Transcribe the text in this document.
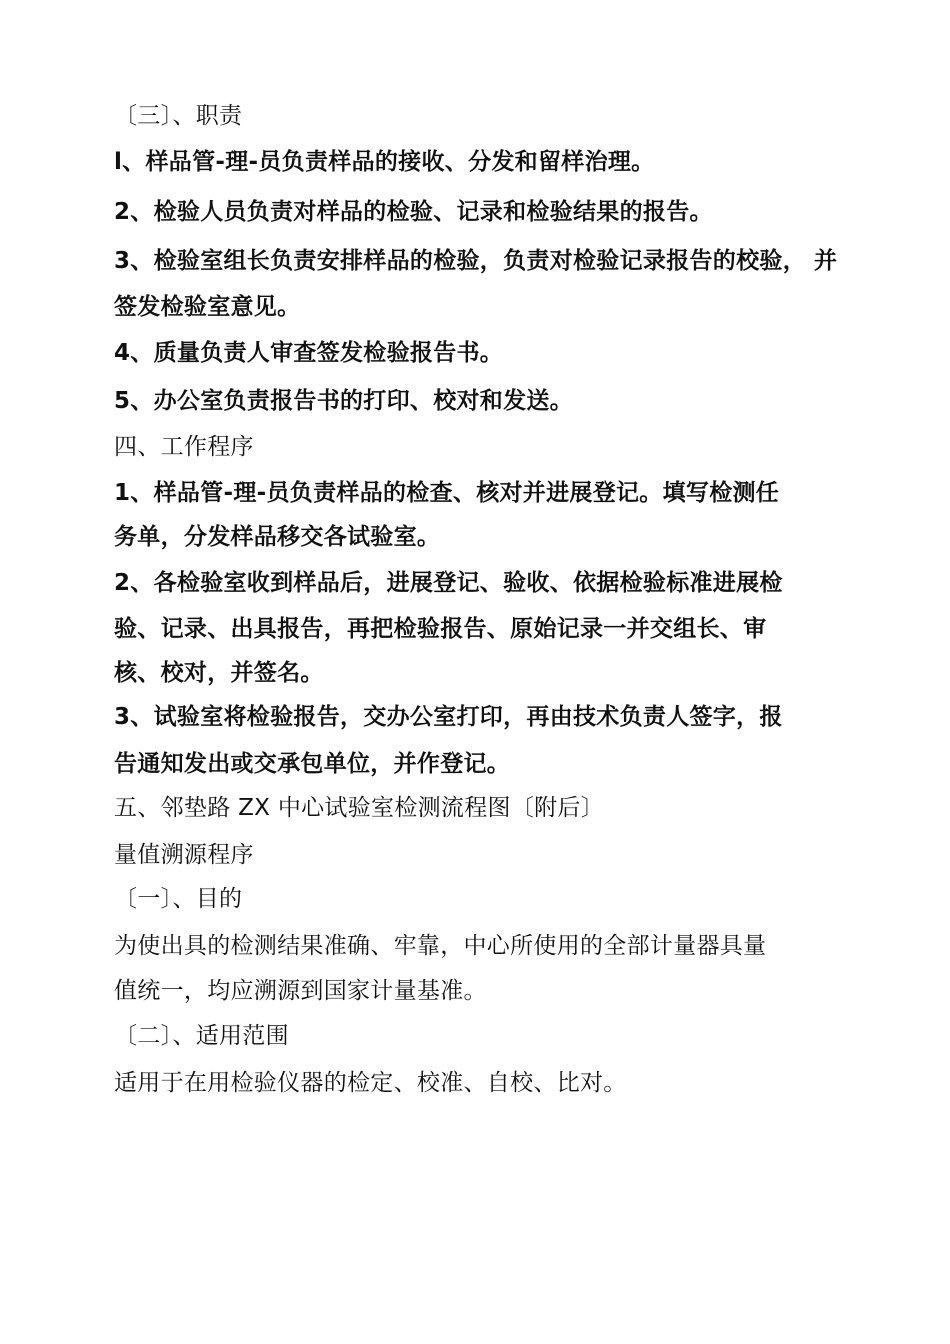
〔三〕、职责
l、样品管-理-员负责样品的接收、分发和留样治理。
2、检验人员负责对样品的检验、记录和检验结果的报告。
3、检验室组长负责安排样品的检验，负责对检验记录报告的校验， 并
签发检验室意见。
4、质量负责人审查签发检验报告书。
5、办公室负责报告书的打印、校对和发送。
四、工作程序
1、样品管-理-员负责样品的检查、核对并进展登记。填写检测任
务单，分发样品移交各试验室。
2、各检验室收到样品后，进展登记、验收、依据检验标准进展检
验、记录、出具报告，再把检验报告、原始记录一并交组长、审
核、校对，并签名。
3、试验室将检验报告，交办公室打印，再由技术负责人签字，报
告通知发出或交承包单位，并作登记。
五、邻垫路 ZX 中心试验室检测流程图〔附后〕
量值溯源程序
〔一〕、目的
为使出具的检测结果准确、牢靠，中心所使用的全部计量器具量
值统一，均应溯源到国家计量基准。
〔二〕、适用范围
适用于在用检验仪器的检定、校准、自校、比对。
